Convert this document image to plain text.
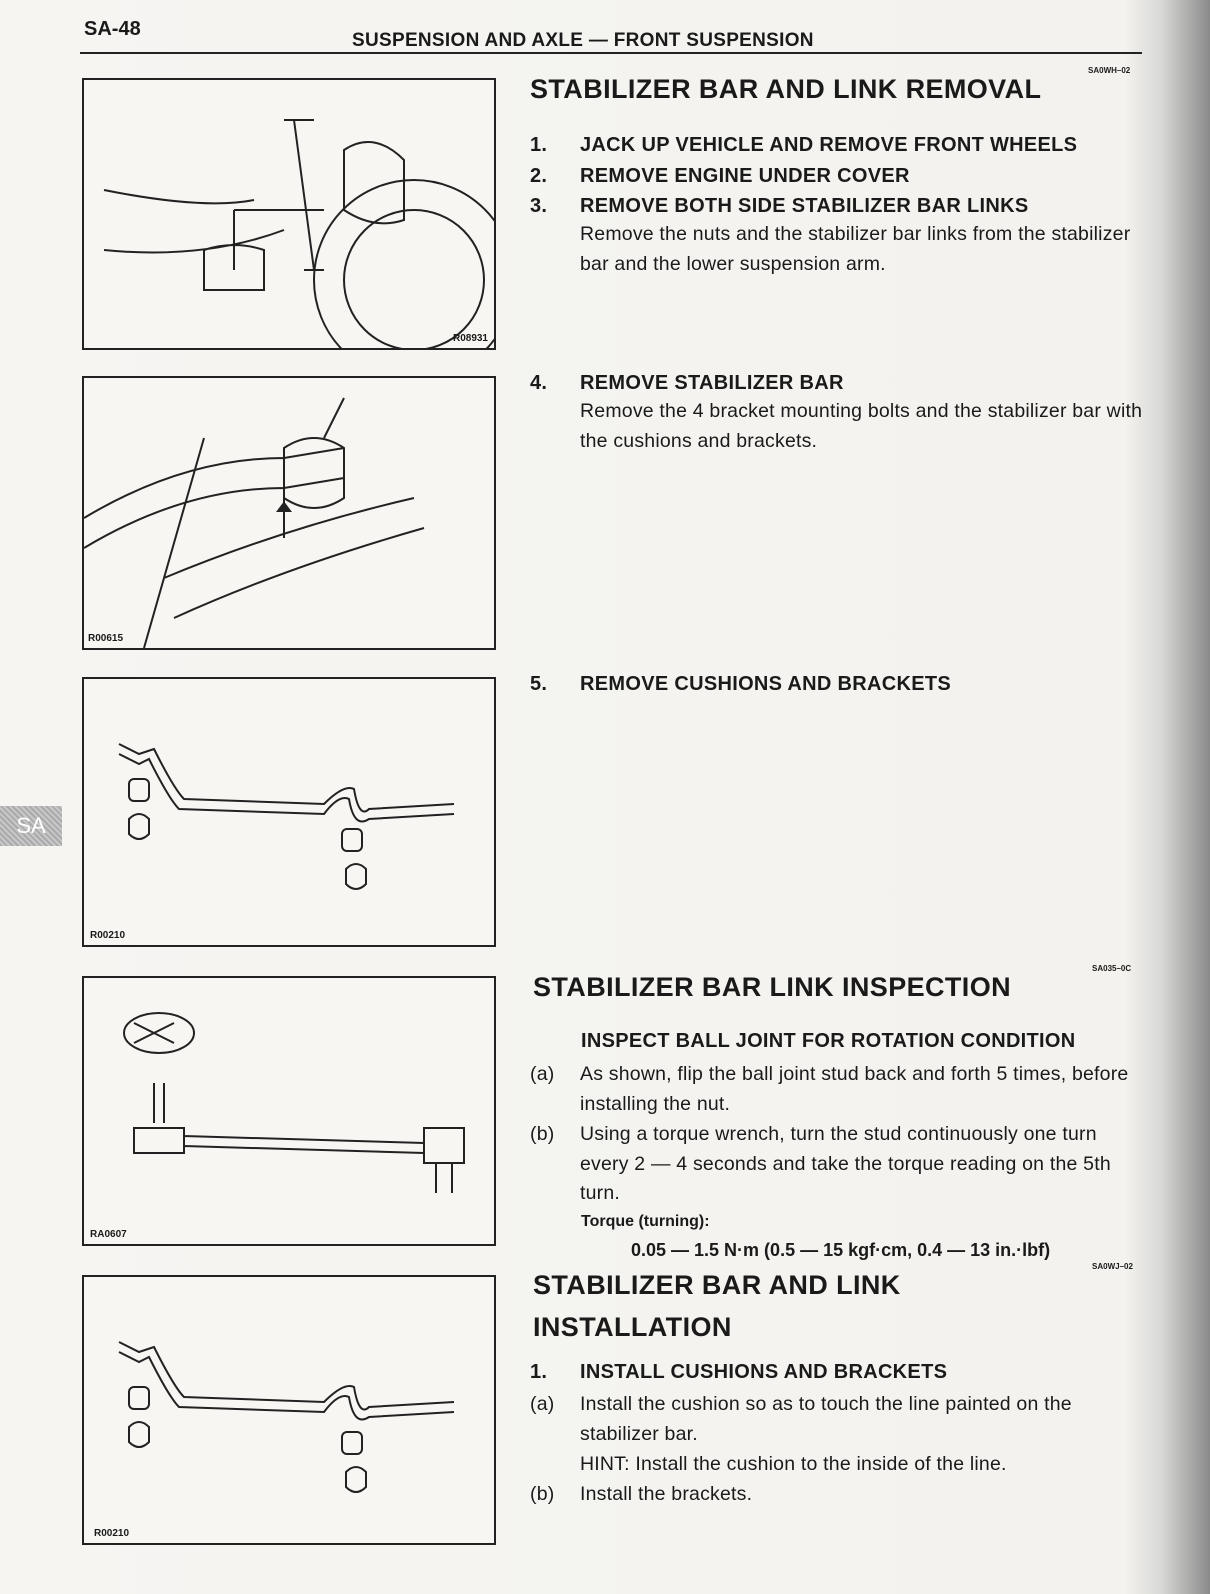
SA-48
SUSPENSION AND AXLE — FRONT SUSPENSION
SA
R08931
R00615
R00210
RA0607
R00210
STABILIZER BAR AND LINK REMOVAL
SA0WH–02
1. JACK UP VEHICLE AND REMOVE FRONT WHEELS
2. REMOVE ENGINE UNDER COVER
3. REMOVE BOTH SIDE STABILIZER BAR LINKS
Remove the nuts and the stabilizer bar links from the stabilizer bar and the lower suspension arm.
4. REMOVE STABILIZER BAR
Remove the 4 bracket mounting bolts and the stabilizer bar with the cushions and brackets.
5. REMOVE CUSHIONS AND BRACKETS
STABILIZER BAR LINK INSPECTION
SA035–0C
INSPECT BALL JOINT FOR ROTATION CONDITION
(a) As shown, flip the ball joint stud back and forth 5 times, before installing the nut.
(b) Using a torque wrench, turn the stud continuously one turn every 2 — 4 seconds and take the torque reading on the 5th turn.
Torque (turning):
0.05 — 1.5 N·m (0.5 — 15 kgf·cm, 0.4 — 13 in.·lbf)
SA0WJ–02
STABILIZER BAR AND LINK
INSTALLATION
1. INSTALL CUSHIONS AND BRACKETS
(a) Install the cushion so as to touch the line painted on the stabilizer bar.
HINT: Install the cushion to the inside of the line.
(b) Install the brackets.
